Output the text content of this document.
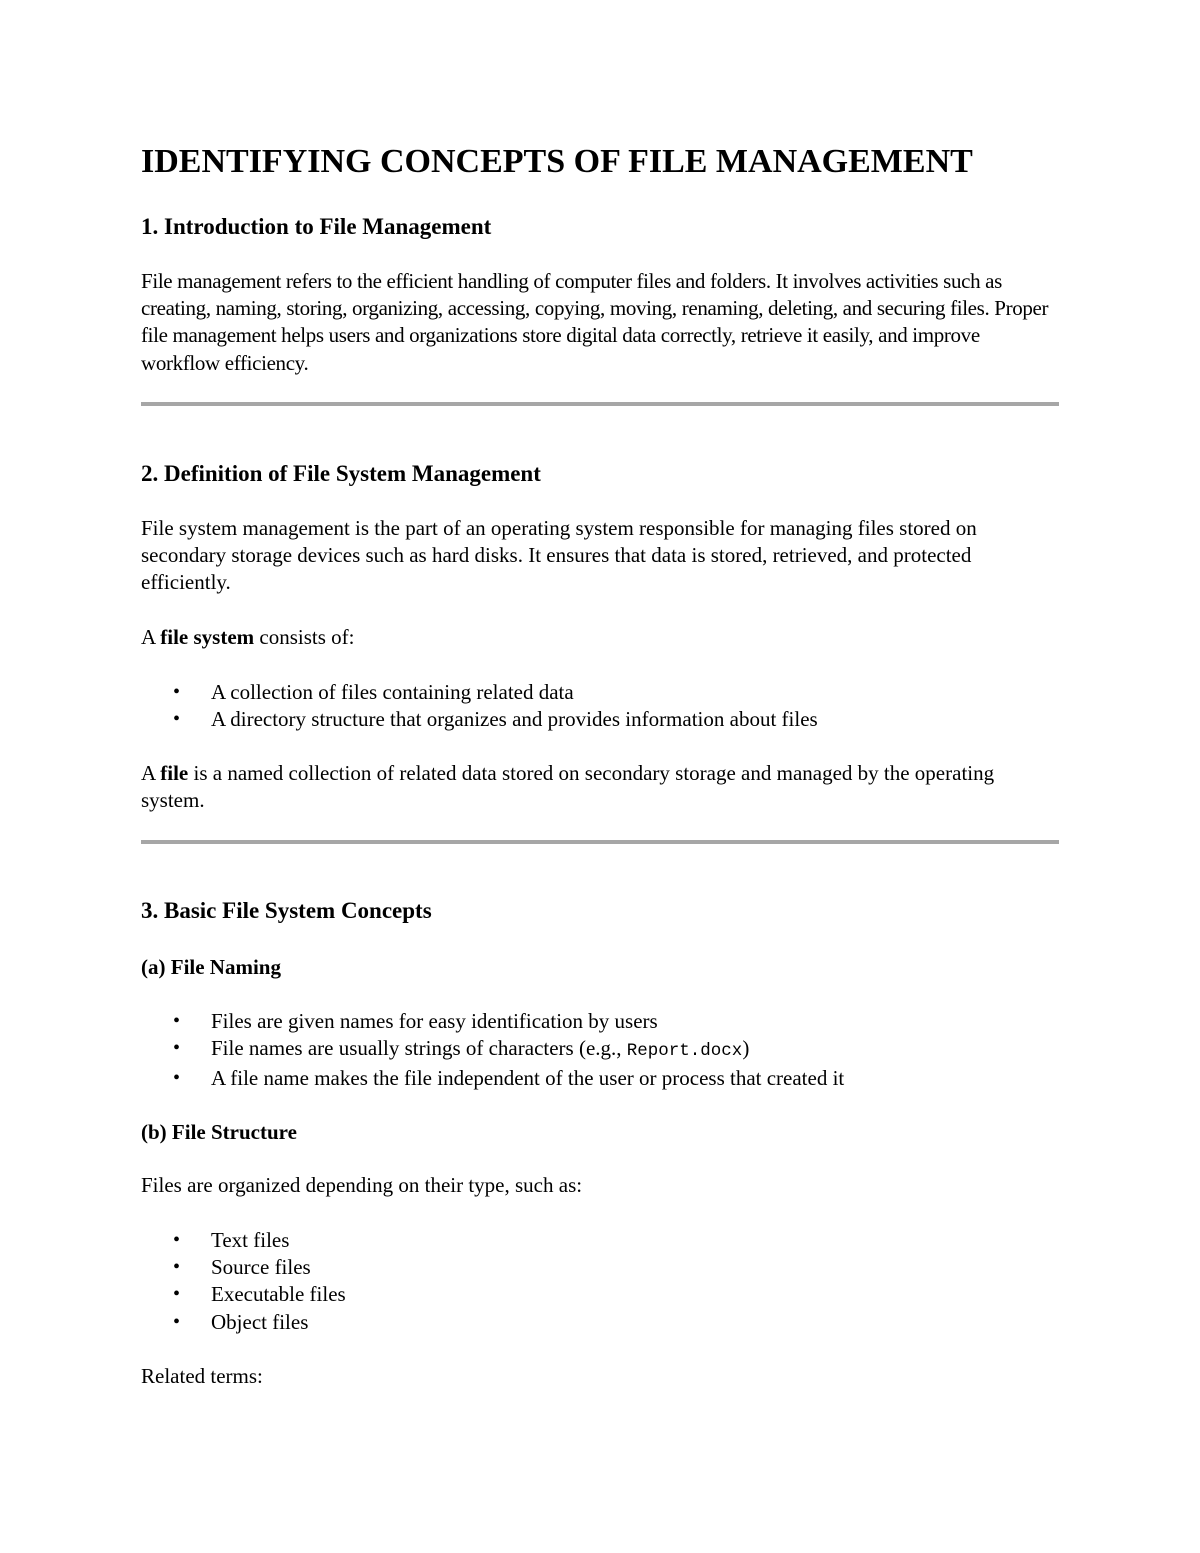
IDENTIFYING CONCEPTS OF FILE MANAGEMENT
1. Introduction to File Management

File management refers to the efficient handling of computer files and folders. It involves activities such as creating, naming, storing, organizing, accessing, copying, moving, renaming, deleting, and securing files. Proper file management helps users and organizations store digital data correctly, retrieve it easily, and improve workflow efficiency.

2. Definition of File System Management

File system management is the part of an operating system responsible for managing files stored on secondary storage devices such as hard disks. It ensures that data is stored, retrieved, and protected efficiently.

A file system consists of:

• A collection of files containing related data
• A directory structure that organizes and provides information about files

A file is a named collection of related data stored on secondary storage and managed by the operating system.

3. Basic File System Concepts
(a) File Naming
• Files are given names for easy identification by users
• File names are usually strings of characters (e.g., Report.docx)
• A file name makes the file independent of the user or process that created it
(b) File Structure

Files are organized depending on their type, such as:

• Text files
• Source files
• Executable files
• Object files

Related terms:
